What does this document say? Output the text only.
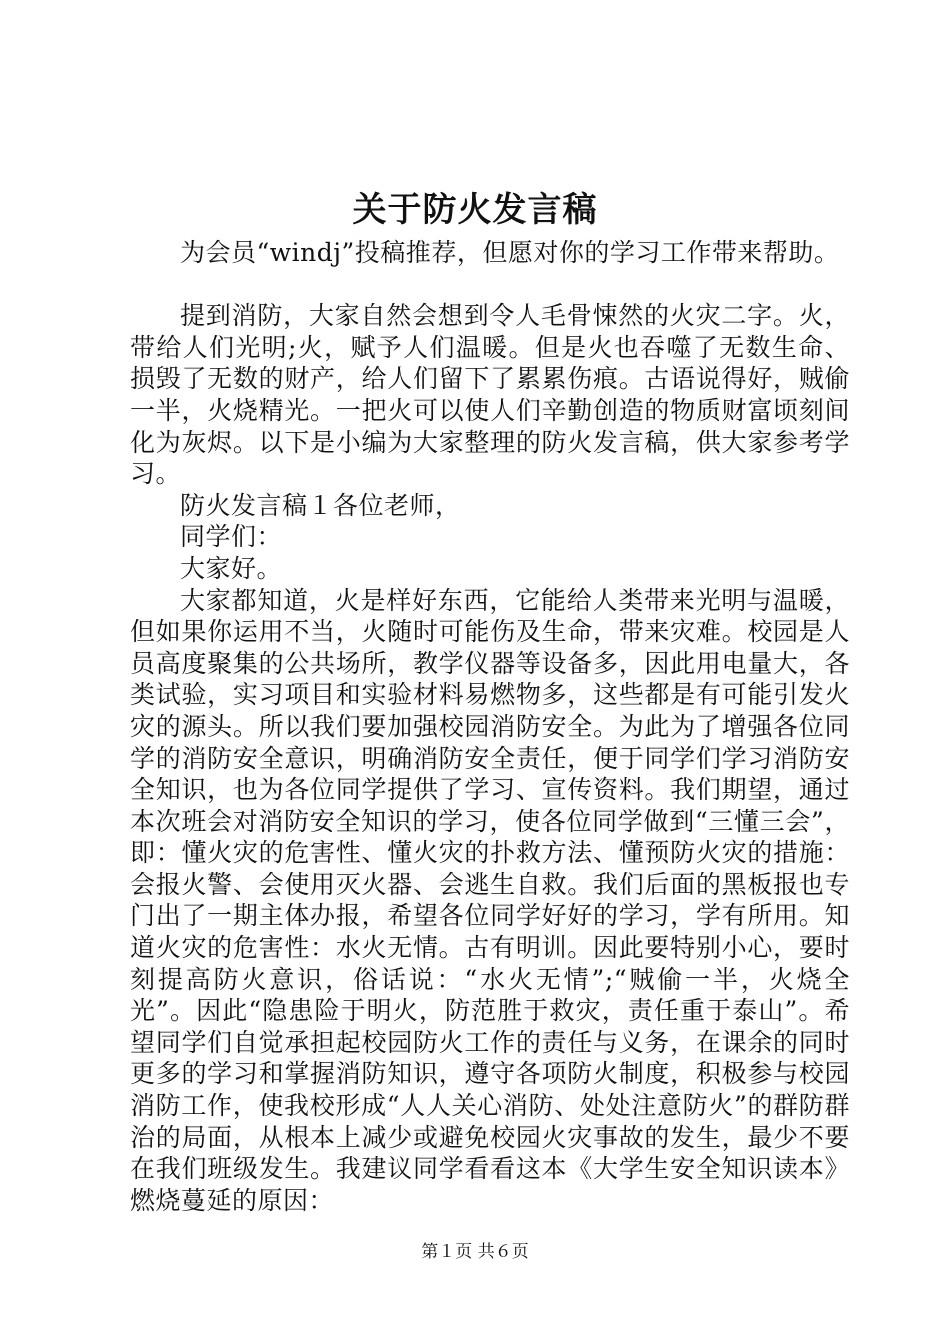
关于防火发言稿

为会员“windj”投稿推荐，但愿对你的学习工作带来帮助。

提到消防，大家自然会想到令人毛骨悚然的火灾二字。火，带给人们光明;火，赋予人们温暖。但是火也吞噬了无数生命、损毁了无数的财产，给人们留下了累累伤痕。古语说得好，贼偷一半，火烧精光。一把火可以使人们辛勤创造的物质财富顷刻间化为灰烬。以下是小编为大家整理的防火发言稿，供大家参考学习。

防火发言稿１各位老师，

同学们：

大家好。

大家都知道，火是样好东西，它能给人类带来光明与温暖，但如果你运用不当，火随时可能伤及生命，带来灾难。校园是人员高度聚集的公共场所，教学仪器等设备多，因此用电量大，各类试验，实习项目和实验材料易燃物多，这些都是有可能引发火灾的源头。所以我们要加强校园消防安全。为此为了增强各位同学的消防安全意识，明确消防安全责任，便于同学们学习消防安全知识，也为各位同学提供了学习、宣传资料。我们期望，通过本次班会对消防安全知识的学习，使各位同学做到“三懂三会”，即：懂火灾的危害性、懂火灾的扑救方法、懂预防火灾的措施：会报火警、会使用灭火器、会逃生自救。我们后面的黑板报也专门出了一期主体办报，希望各位同学好好的学习，学有所用。知道火灾的危害性：水火无情。古有明训。因此要特别小心，要时刻提高防火意识，俗话说：“水火无情”;“贼偷一半，火烧全光”。因此“隐患险于明火，防范胜于救灾，责任重于泰山”。希望同学们自觉承担起校园防火工作的责任与义务，在课余的同时更多的学习和掌握消防知识，遵守各项防火制度，积极参与校园消防工作，使我校形成“人人关心消防、处处注意防火”的群防群治的局面，从根本上减少或避免校园火灾事故的发生，最少不要在我们班级发生。我建议同学看看这本《大学生安全知识读本》燃烧蔓延的原因：

第１页 共６页
